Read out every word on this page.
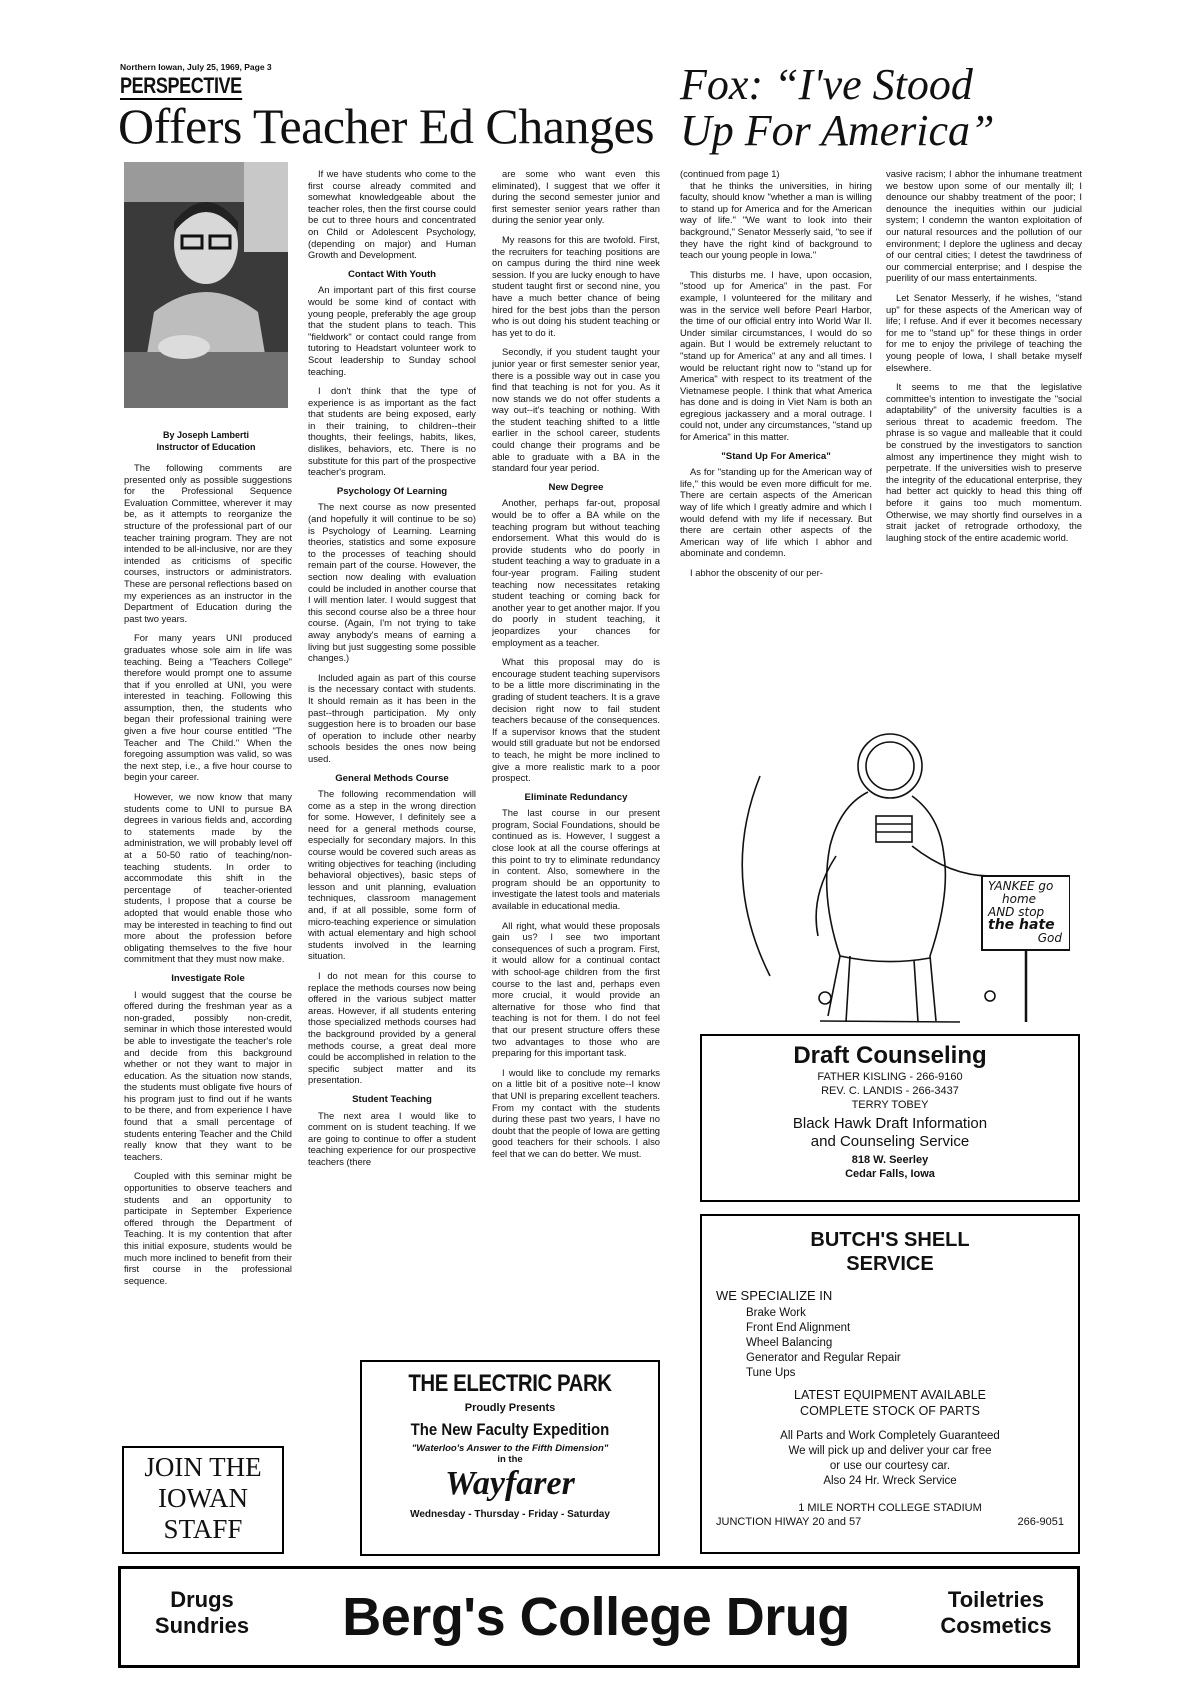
Northern Iowan, July 25, 1969, Page 3
PERSPECTIVE
Offers Teacher Ed Changes
By Joseph Lamberti
Instructor of Education

The following comments are presented only as possible suggestions for the Professional Sequence Evaluation Committee, wherever it may be, as it attempts to reorganize the structure of the professional part of our teacher training program. They are not intended to be all-inclusive, nor are they intended as criticisms of specific courses, instructors or administrators. These are personal reflections based on my experiences as an instructor in the Department of Education during the past two years.

For many years UNI produced graduates whose sole aim in life was teaching. Being a "Teachers College" therefore would prompt one to assume that if you enrolled at UNI, you were interested in teaching. Following this assumption, then, the students who began their professional training were given a five hour course entitled "The Teacher and The Child." When the foregoing assumption was valid, so was the next step, i.e., a five hour course to begin your career.

However, we now know that many students come to UNI to pursue BA degrees in various fields and, according to statements made by the administration, we will probably level off at a 50-50 ratio of teaching/non-teaching students. In order to accommodate this shift in the percentage of teacher-oriented students, I propose that a course be adopted that would enable those who may be interested in teaching to find out more about the profession before obligating themselves to the five hour commitment that they must now make.

Investigate Role

I would suggest that the course be offered during the freshman year as a non-graded, possibly non-credit, seminar in which those interested would be able to investigate the teacher's role and decide from this background whether or not they want to major in education. As the situation now stands, the students must obligate five hours of his program just to find out if he wants to be there, and from experience I have found that a small percentage of students entering Teacher and the Child really know that they want to be teachers.

Coupled with this seminar might be opportunities to observe teachers and students and an opportunity to participate in September Experience offered through the Department of Teaching. It is my contention that after this initial exposure, students would be much more inclined to benefit from their first course in the professional sequence.

JOIN THE
IOWAN
STAFF

If we have students who come to the first course already commited and somewhat knowledgeable about the teacher roles, then the first course could be cut to three hours and concentrated on Child or Adolescent Psychology, (depending on major) and Human Growth and Development.

Contact With Youth

An important part of this first course would be some kind of contact with young people, preferably the age group that the student plans to teach. This "fieldwork" or contact could range from tutoring to Headstart volunteer work to Scout leadership to Sunday school teaching.

I don't think that the type of experience is as important as the fact that students are being exposed, early in their training, to children--their thoughts, their feelings, habits, likes, dislikes, behaviors, etc. There is no substitute for this part of the prospective teacher's program.

Psychology Of Learning

The next course as now presented (and hopefully it will continue to be so) is Psychology of Learning. Learning theories, statistics and some exposure to the processes of teaching should remain part of the course. However, the section now dealing with evaluation could be included in another course that I will mention later. I would suggest that this second course also be a three hour course. (Again, I'm not trying to take away anybody's means of earning a living but just suggesting some possible changes.)

Included again as part of this course is the necessary contact with students. It should remain as it has been in the past--through participation. My only suggestion here is to broaden our base of operation to include other nearby schools besides the ones now being used.

General Methods Course

The following recommendation will come as a step in the wrong direction for some. However, I definitely see a need for a general methods course, especially for secondary majors. In this course would be covered such areas as writing objectives for teaching (including behavioral objectives), basic steps of lesson and unit planning, evaluation techniques, classroom management and, if at all possible, some form of micro-teaching experience or simulation with actual elementary and high school students involved in the learning situation.

I do not mean for this course to replace the methods courses now being offered in the various subject matter areas. However, if all students entering those specialized methods courses had the background provided by a general methods course, a great deal more could be accomplished in relation to the specific subject matter and its presentation.

Student Teaching

The next area I would like to comment on is student teaching. If we are going to continue to offer a student teaching experience for our prospective teachers (there

are some who want even this eliminated), I suggest that we offer it during the second semester junior and first semester senior years rather than during the senior year only.

My reasons for this are twofold. First, the recruiters for teaching positions are on campus during the third nine week session. If you are lucky enough to have student taught first or second nine, you have a much better chance of being hired for the best jobs than the person who is out doing his student teaching or has yet to do it.

Secondly, if you student taught your junior year or first semester senior year, there is a possible way out in case you find that teaching is not for you. As it now stands we do not offer students a way out--it's teaching or nothing. With the student teaching shifted to a little earlier in the school career, students could change their programs and be able to graduate with a BA in the standard four year period.

New Degree

Another, perhaps far-out, proposal would be to offer a BA while on the teaching program but without teaching endorsement. What this would do is provide students who do poorly in student teaching a way to graduate in a four-year program. Failing student teaching now necessitates retaking student teaching or coming back for another year to get another major. If you do poorly in student teaching, it jeopardizes your chances for employment as a teacher.

What this proposal may do is encourage student teaching supervisors to be a little more discriminating in the grading of student teachers. It is a grave decision right now to fail student teachers because of the consequences. If a supervisor knows that the student would still graduate but not be endorsed to teach, he might be more inclined to give a more realistic mark to a poor prospect.

Eliminate Redundancy

The last course in our present program, Social Foundations, should be continued as is. However, I suggest a close look at all the course offerings at this point to try to eliminate redundancy in content. Also, somewhere in the program should be an opportunity to investigate the latest tools and materials available in educational media.

All right, what would these proposals gain us? I see two important consequences of such a program. First, it would allow for a continual contact with school-age children from the first course to the last and, perhaps even more crucial, it would provide an alternative for those who find that teaching is not for them. I do not feel that our present structure offers these two advantages to those who are preparing for this important task.

I would like to conclude my remarks on a little bit of a positive note--I know that UNI is preparing excellent teachers. From my contact with the students during these past two years, I have no doubt that the people of Iowa are getting good teachers for their schools. I also feel that we can do better. We must.

THE ELECTRIC PARK
Proudly Presents
The New Faculty Expedition
"Waterloo's Answer to the Fifth Dimension"
in the
Wayfarer
Wednesday - Thursday - Friday - Saturday
Fox: “I've Stood
Up For America”

(continued from page 1)

that he thinks the universities, in hiring faculty, should know "whether a man is willing to stand up for America and for the American way of life." "We want to look into their background," Senator Messerly said, "to see if they have the right kind of background to teach our young people in Iowa."

This disturbs me. I have, upon occasion, "stood up for America" in the past. For example, I volunteered for the military and was in the service well before Pearl Harbor, the time of our official entry into World War II. Under similar circumstances, I would do so again. But I would be extremely reluctant to "stand up for America" at any and all times. I would be reluctant right now to "stand up for America" with respect to its treatment of the Vietnamese people. I think that what America has done and is doing in Viet Nam is both an egregious jackassery and a moral outrage. I could not, under any circumstances, "stand up for America" in this matter.

"Stand Up For America"

As for "standing up for the American way of life," this would be even more difficult for me. There are certain aspects of the American way of life which I greatly admire and which I would defend with my life if necessary. But there are certain other aspects of the American way of life which I abhor and abominate and condemn.

I abhor the obscenity of our per-

vasive racism; I abhor the inhumane treatment we bestow upon some of our mentally ill; I denounce our shabby treatment of the poor; I denounce the inequities within our judicial system; I condemn the wanton exploitation of our natural resources and the pollution of our environment; I deplore the ugliness and decay of our central cities; I detest the tawdriness of our commercial enterprise; and I despise the puerility of our mass entertainments.

Let Senator Messerly, if he wishes, "stand up" for these aspects of the American way of life; I refuse. And if ever it becomes necessary for me to "stand up" for these things in order for me to enjoy the privilege of teaching the young people of Iowa, I shall betake myself elsewhere.

It seems to me that the legislative committee's intention to investigate the "social adaptability" of the university faculties is a serious threat to academic freedom. The phrase is so vague and malleable that it could be construed by the investigators to sanction almost any impertinence they might wish to perpetrate. If the universities wish to preserve the integrity of the educational enterprise, they had better act quickly to head this thing off before it gains too much momentum. Otherwise, we may shortly find ourselves in a strait jacket of retrograde orthodoxy, the laughing stock of the entire academic world.

YANKEE go
home
AND stop
the hate
God
Draft Counseling
FATHER KISLING - 266-9160
REV. C. LANDIS - 266-3437
TERRY TOBEY
Black Hawk Draft Information
and Counseling Service
818 W. Seerley
Cedar Falls, Iowa
BUTCH'S SHELL
SERVICE
WE SPECIALIZE IN
Brake Work
Front End Alignment
Wheel Balancing
Generator and Regular Repair
Tune Ups
LATEST EQUIPMENT AVAILABLE
COMPLETE STOCK OF PARTS
All Parts and Work Completely Guaranteed
We will pick up and deliver your car free
or use our courtesy car.
Also 24 Hr. Wreck Service
1 MILE NORTH COLLEGE STADIUM
JUNCTION HIWAY 20 and 57	266-9051
Drugs
Sundries	Berg's College Drug	Toiletries
Cosmetics
